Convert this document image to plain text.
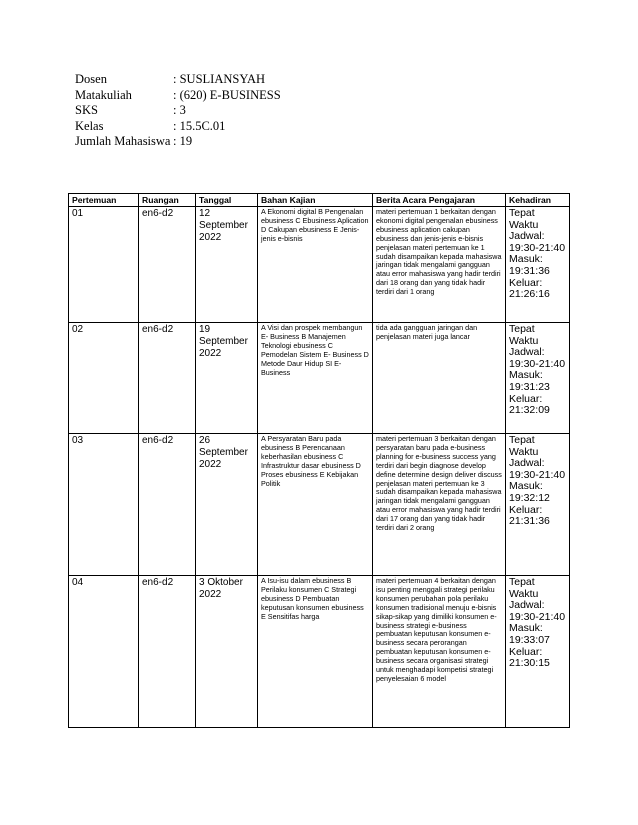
Dosen	: SUSLIANSYAH
Matakuliah	: (620) E-BUSINESS
SKS	: 3
Kelas	: 15.5C.01
Jumlah Mahasiswa : 19
Pertemuan	Ruangan	Tanggal	Bahan Kajian	Berita Acara Pengajaran	Kehadiran
01	en6-d2	12 September 2022	A Ekonomi digital B Pengenalan ebusiness C Ebusiness Aplication D Cakupan ebusiness E Jenis-jenis e-bisnis	materi pertemuan 1 berkaitan dengan ekonomi digital pengenalan ebusiness ebusiness aplication cakupan ebusiness dan jenis-jenis e-bisnis penjelasan materi pertemuan ke 1 sudah disampaikan kepada mahasiswa jaringan tidak mengalami gangguan atau error mahasiswa yang hadir terdiri dari 18 orang dan yang tidak hadir terdiri dari 1 orang	Tepat Waktu Jadwal: 19:30-21:40 Masuk: 19:31:36 Keluar: 21:26:16
02	en6-d2	19 September 2022	A Visi dan prospek membangun E- Business B Manajemen Teknologi ebusiness C Pemodelan Sistem E- Business D Metode Daur Hidup SI E-Business	tida ada gangguan jaringan dan penjelasan materi juga lancar	Tepat Waktu Jadwal: 19:30-21:40 Masuk: 19:31:23 Keluar: 21:32:09
03	en6-d2	26 September 2022	A Persyaratan Baru pada ebusiness B Perencanaan keberhasilan ebusiness C Infrastruktur dasar ebusiness D Proses ebusiness E Kebijakan Politik	materi pertemuan 3 berkaitan dengan persyaratan baru pada e-business planning for e-business success yang terdiri dari begin diagnose develop define determine design deliver discuss penjelasan materi pertemuan ke 3 sudah disampaikan kepada mahasiswa jaringan tidak mengalami gangguan atau error mahasiswa yang hadir terdiri dari 17 orang dan yang tidak hadir terdiri dari 2 orang	Tepat Waktu Jadwal: 19:30-21:40 Masuk: 19:32:12 Keluar: 21:31:36
04	en6-d2	3 Oktober 2022	A Isu-isu dalam ebusiness B Perilaku konsumen C Strategi ebusiness D Pembuatan keputusan konsumen ebusiness E Sensitifas harga	materi pertemuan 4 berkaitan dengan isu penting menggali strategi perilaku konsumen perubahan pola perilaku konsumen tradisional menuju e-bisnis sikap-sikap yang dimiliki konsumen e-business strategi e-business pembuatan keputusan konsumen e-business secara perorangan pembuatan keputusan konsumen e-business secara organisasi strategi untuk menghadapi kompetisi strategi penyelesaian 6 model	Tepat Waktu Jadwal: 19:30-21:40 Masuk: 19:33:07 Keluar: 21:30:15
